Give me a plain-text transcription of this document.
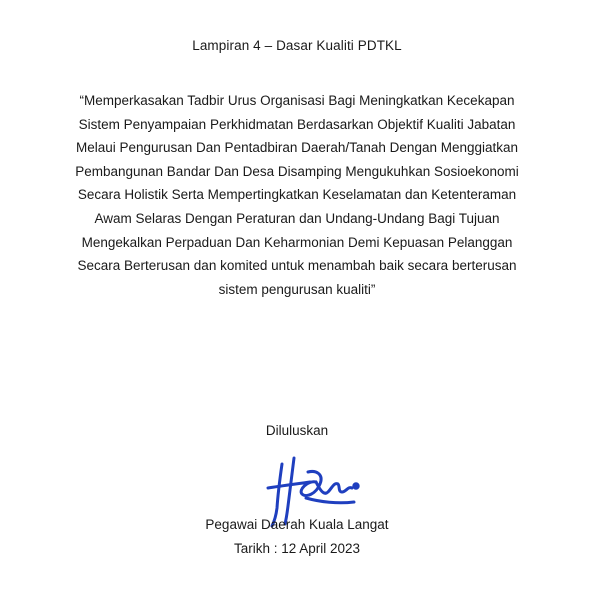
Lampiran 4 – Dasar Kualiti PDTKL
“Memperkasakan Tadbir Urus Organisasi Bagi Meningkatkan Kecekapan
Sistem Penyampaian Perkhidmatan Berdasarkan Objektif Kualiti Jabatan
Melaui Pengurusan Dan Pentadbiran Daerah/Tanah Dengan Menggiatkan
Pembangunan Bandar Dan Desa Disamping Mengukuhkan Sosioekonomi
Secara Holistik Serta Mempertingkatkan Keselamatan dan Ketenteraman
Awam Selaras Dengan Peraturan dan Undang-Undang Bagi Tujuan
Mengekalkan Perpaduan Dan Keharmonian Demi Kepuasan Pelanggan
Secara Berterusan dan komited untuk menambah baik secara berterusan
sistem pengurusan kualiti”
Diluluskan
Pegawai Daerah Kuala Langat
Tarikh : 12 April 2023
